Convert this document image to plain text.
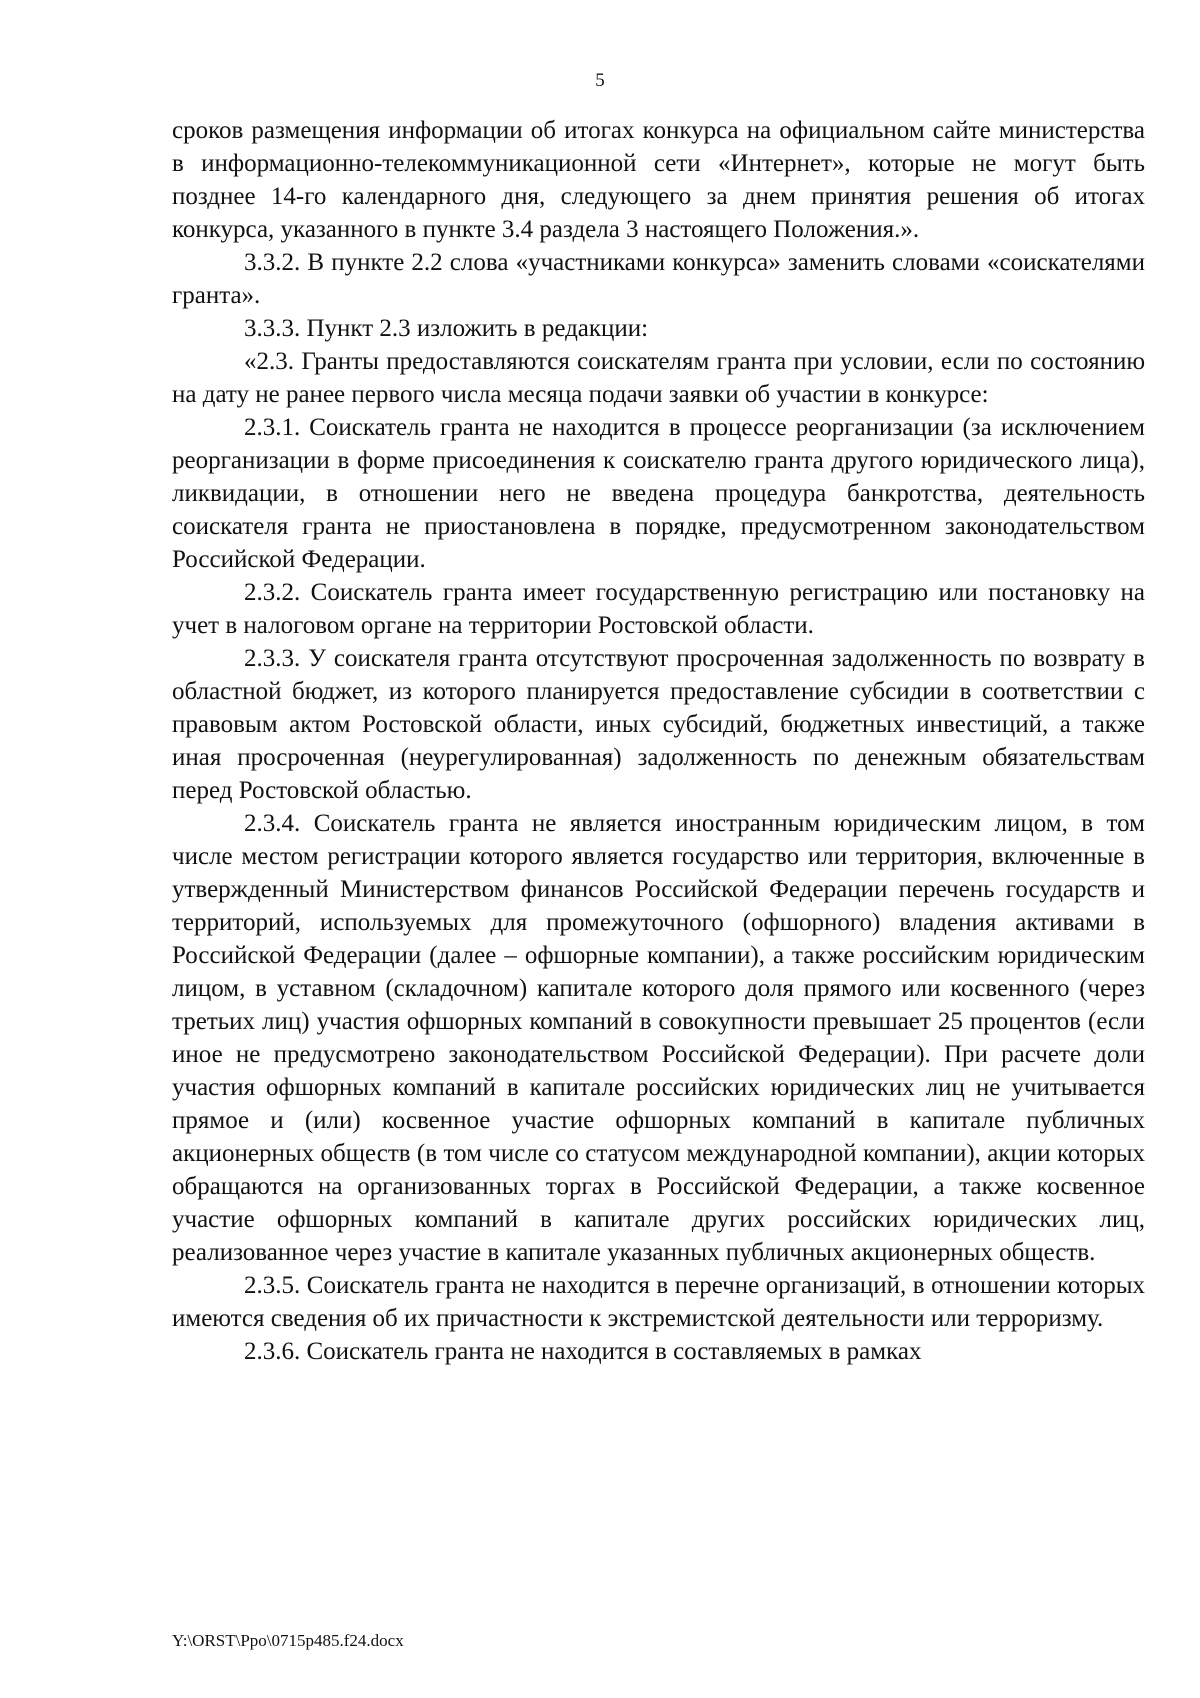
5

сроков размещения информации об итогах конкурса на официальном сайте министерства в информационно-телекоммуникационной сети «Интернет», которые не могут быть позднее 14-го календарного дня, следующего за днем принятия решения об итогах конкурса, указанного в пункте 3.4 раздела 3 настоящего Положения.».

3.3.2. В пункте 2.2 слова «участниками конкурса» заменить словами «соискателями гранта».

3.3.3. Пункт 2.3 изложить в редакции:

«2.3. Гранты предоставляются соискателям гранта при условии, если по состоянию на дату не ранее первого числа месяца подачи заявки об участии в конкурсе:

2.3.1. Соискатель гранта не находится в процессе реорганизации (за исключением реорганизации в форме присоединения к соискателю гранта другого юридического лица), ликвидации, в отношении него не введена процедура банкротства, деятельность соискателя гранта не приостановлена в порядке, предусмотренном законодательством Российской Федерации.

2.3.2. Соискатель гранта имеет государственную регистрацию или постановку на учет в налоговом органе на территории Ростовской области.

2.3.3. У соискателя гранта отсутствуют просроченная задолженность по возврату в областной бюджет, из которого планируется предоставление субсидии в соответствии с правовым актом Ростовской области, иных субсидий, бюджетных инвестиций, а также иная просроченная (неурегулированная) задолженность по денежным обязательствам перед Ростовской областью.

2.3.4. Соискатель гранта не является иностранным юридическим лицом, в том числе местом регистрации которого является государство или территория, включенные в утвержденный Министерством финансов Российской Федерации перечень государств и территорий, используемых для промежуточного (офшорного) владения активами в Российской Федерации (далее – офшорные компании), а также российским юридическим лицом, в уставном (складочном) капитале которого доля прямого или косвенного (через третьих лиц) участия офшорных компаний в совокупности превышает 25 процентов (если иное не предусмотрено законодательством Российской Федерации). При расчете доли участия офшорных компаний в капитале российских юридических лиц не учитывается прямое и (или) косвенное участие офшорных компаний в капитале публичных акционерных обществ (в том числе со статусом международной компании), акции которых обращаются на организованных торгах в Российской Федерации, а также косвенное участие офшорных компаний в капитале других российских юридических лиц, реализованное через участие в капитале указанных публичных акционерных обществ.

2.3.5. Соискатель гранта не находится в перечне организаций, в отношении которых имеются сведения об их причастности к экстремистской деятельности или терроризму.

2.3.6. Соискатель гранта не находится в составляемых в рамках

Y:\ORST\Ppo\0715p485.f24.docx
